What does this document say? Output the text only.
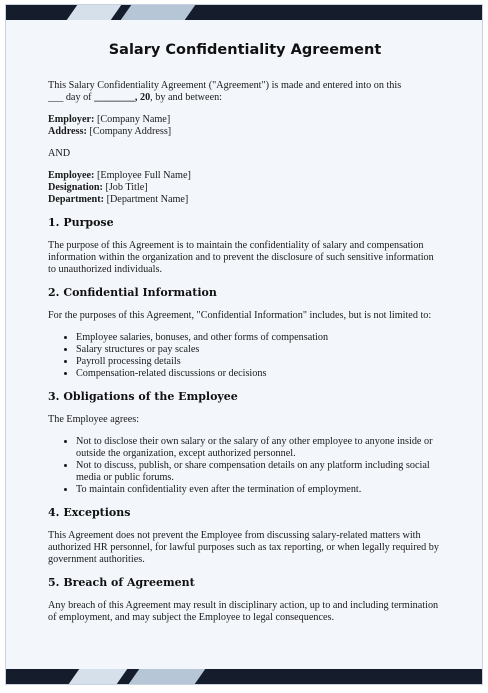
Salary Confidentiality Agreement

This Salary Confidentiality Agreement ("Agreement") is made and entered into on this
___ day of ________, 20, by and between:

Employer: [Company Name]
Address: [Company Address]

AND

Employee: [Employee Full Name]
Designation: [Job Title]
Department: [Department Name]

1. Purpose

The purpose of this Agreement is to maintain the confidentiality of salary and compensation information within the organization and to prevent the disclosure of such sensitive information to unauthorized individuals.

2. Confidential Information

For the purposes of this Agreement, "Confidential Information" includes, but is not limited to:

• Employee salaries, bonuses, and other forms of compensation
• Salary structures or pay scales
• Payroll processing details
• Compensation-related discussions or decisions
3. Obligations of the Employee

The Employee agrees:

• Not to disclose their own salary or the salary of any other employee to anyone inside or outside the organization, except authorized personnel.
• Not to discuss, publish, or share compensation details on any platform including social media or public forums.
• To maintain confidentiality even after the termination of employment.
4. Exceptions

This Agreement does not prevent the Employee from discussing salary-related matters with authorized HR personnel, for lawful purposes such as tax reporting, or when legally required by government authorities.

5. Breach of Agreement

Any breach of this Agreement may result in disciplinary action, up to and including termination of employment, and may subject the Employee to legal consequences.
